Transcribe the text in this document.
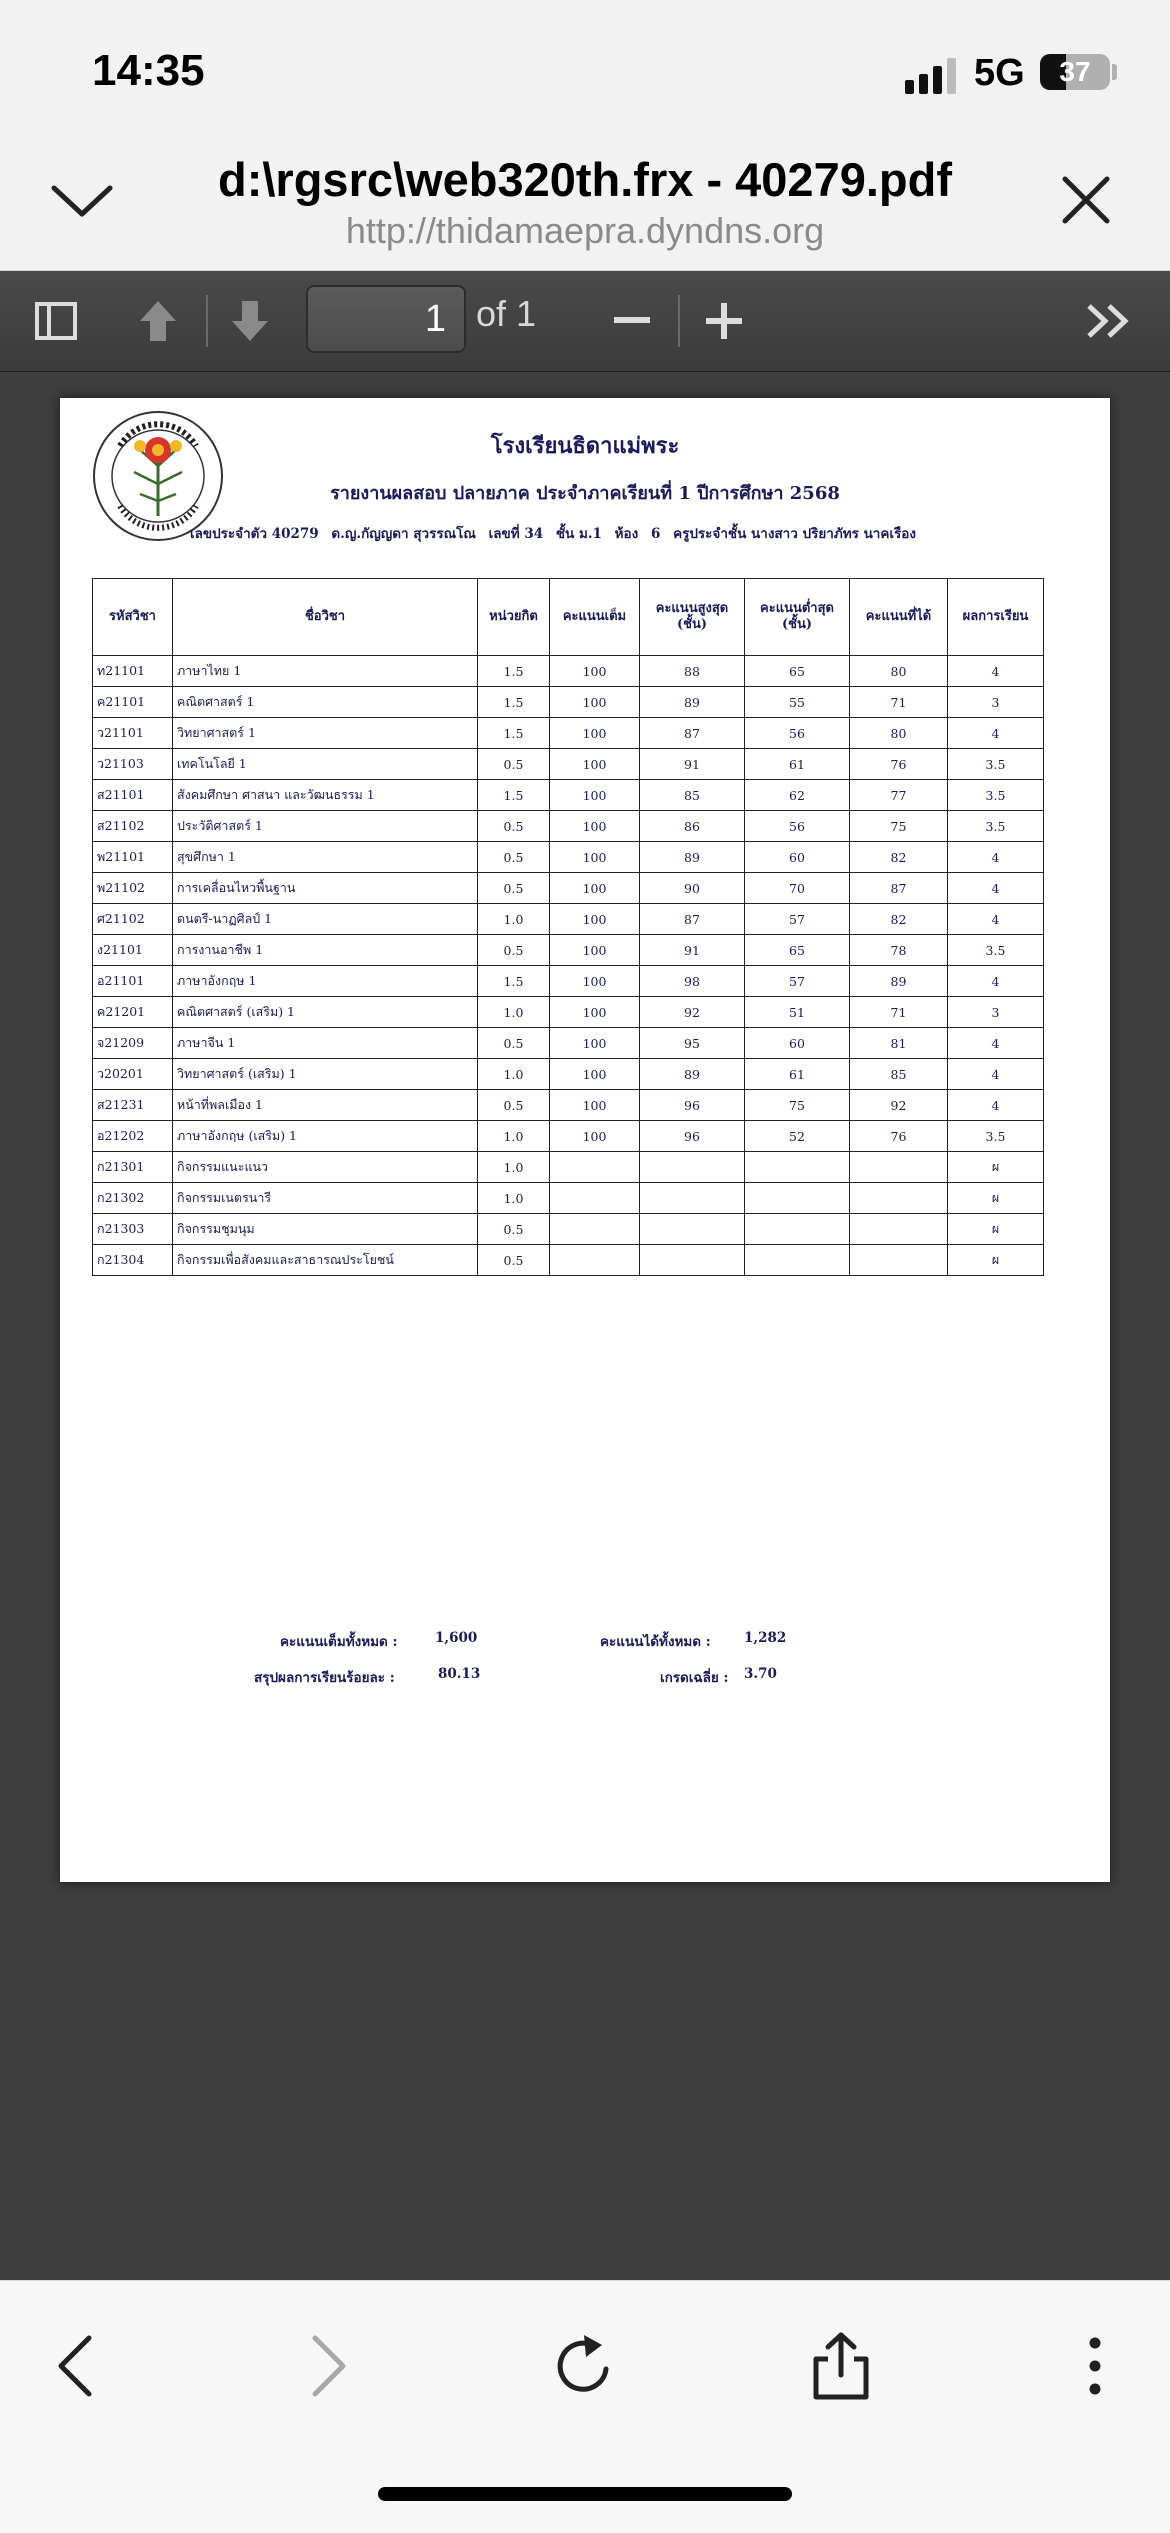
14:35	5G	37
d:\rgsrc\web320th.frx - 40279.pdf
http://thidamaepra.dyndns.org
1 of 1
โรงเรียนธิดาแม่พระ
รายงานผลสอบ ปลายภาค ประจำภาคเรียนที่ 1 ปีการศึกษา 2568
เลขประจำตัว 40279 ด.ญ.กัญญดา สุวรรณโณ เลขที่ 34 ชั้น ม.1 ห้อง 6 ครูประจำชั้น นางสาว ปริยาภัทร นาคเรือง
รหัสวิชา	ชื่อวิชา	หน่วยกิต	คะแนนเต็ม	คะแนนสูงสุด (ชั้น)	คะแนนต่ำสุด (ชั้น)	คะแนนที่ได้	ผลการเรียน
ท21101	ภาษาไทย 1	1.5	100	88	65	80	4
ค21101	คณิตศาสตร์ 1	1.5	100	89	55	71	3
ว21101	วิทยาศาสตร์ 1	1.5	100	87	56	80	4
ว21103	เทคโนโลยี 1	0.5	100	91	61	76	3.5
ส21101	สังคมศึกษา ศาสนา และวัฒนธรรม 1	1.5	100	85	62	77	3.5
ส21102	ประวัติศาสตร์ 1	0.5	100	86	56	75	3.5
พ21101	สุขศึกษา 1	0.5	100	89	60	82	4
พ21102	การเคลื่อนไหวพื้นฐาน	0.5	100	90	70	87	4
ศ21102	ดนตรี-นาฏศิลป์ 1	1.0	100	87	57	82	4
ง21101	การงานอาชีพ 1	0.5	100	91	65	78	3.5
อ21101	ภาษาอังกฤษ 1	1.5	100	98	57	89	4
ค21201	คณิตศาสตร์ (เสริม) 1	1.0	100	92	51	71	3
จ21209	ภาษาจีน 1	0.5	100	95	60	81	4
ว20201	วิทยาศาสตร์ (เสริม) 1	1.0	100	89	61	85	4
ส21231	หน้าที่พลเมือง 1	0.5	100	96	75	92	4
อ21202	ภาษาอังกฤษ (เสริม) 1	1.0	100	96	52	76	3.5
ก21301	กิจกรรมแนะแนว	1.0					ผ
ก21302	กิจกรรมเนตรนารี	1.0					ผ
ก21303	กิจกรรมชุมนุม	0.5					ผ
ก21304	กิจกรรมเพื่อสังคมและสาธารณประโยชน์	0.5					ผ
คะแนนเต็มทั้งหมด :	1,600	คะแนนได้ทั้งหมด : 1,282
สรุปผลการเรียนร้อยละ :	80.13	เกรดเฉลี่ย : 3.70
